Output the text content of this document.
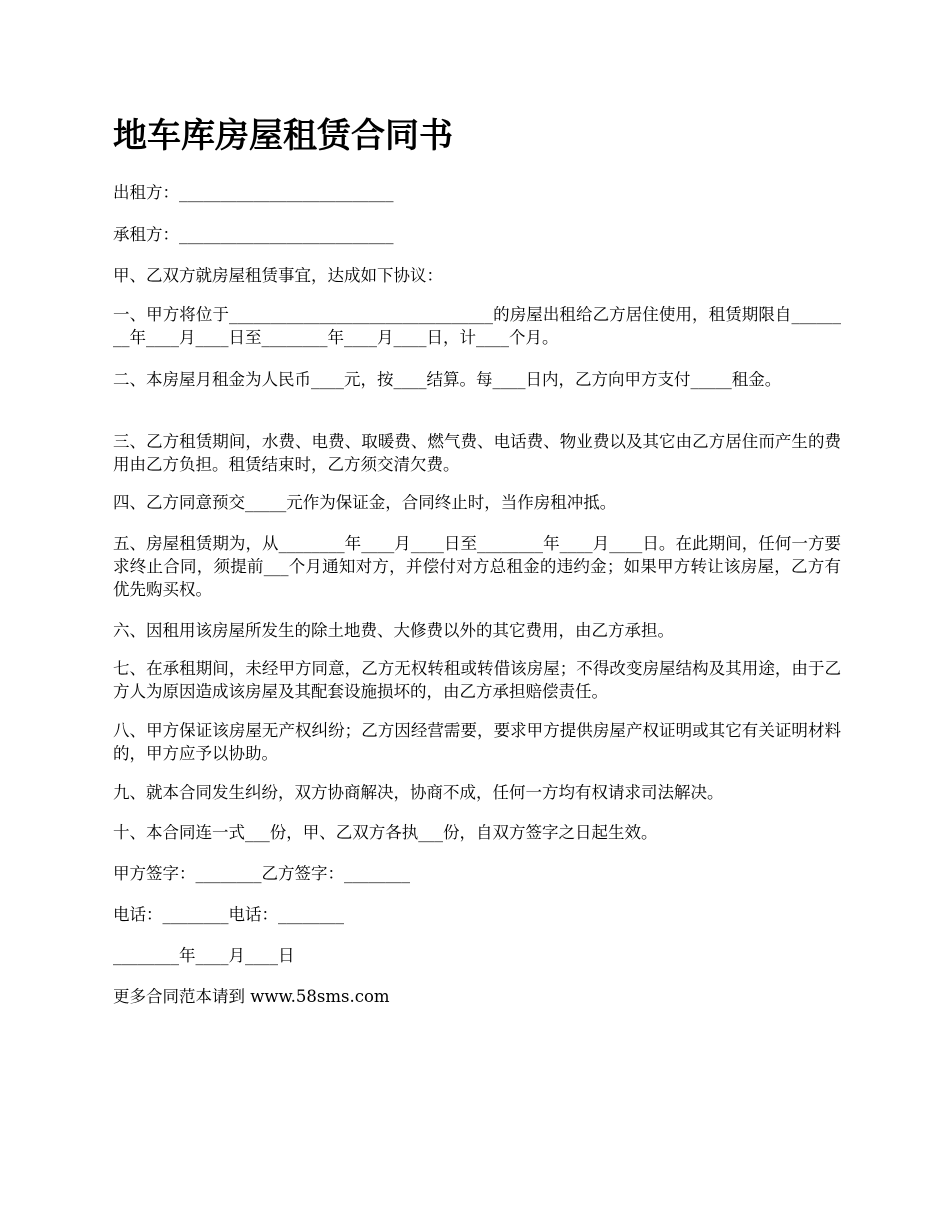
地车库房屋租赁合同书

出租方：__________________________

承租方：__________________________

甲、乙双方就房屋租赁事宜，达成如下协议：

一、甲方将位于________________________________的房屋出租给乙方居住使用，租赁期限自________年____月____日至________年____月____日，计____个月。

二、本房屋月租金为人民币____元，按____结算。每____日内，乙方向甲方支付_____租金。

三、乙方租赁期间，水费、电费、取暖费、燃气费、电话费、物业费以及其它由乙方居住而产生的费用由乙方负担。租赁结束时，乙方须交清欠费。

四、乙方同意预交_____元作为保证金，合同终止时，当作房租冲抵。

五、房屋租赁期为，从________年____月____日至________年____月____日。在此期间，任何一方要求终止合同，须提前___个月通知对方，并偿付对方总租金的违约金；如果甲方转让该房屋，乙方有优先购买权。

六、因租用该房屋所发生的除土地费、大修费以外的其它费用，由乙方承担。

七、在承租期间，未经甲方同意，乙方无权转租或转借该房屋；不得改变房屋结构及其用途，由于乙方人为原因造成该房屋及其配套设施损坏的，由乙方承担赔偿责任。

八、甲方保证该房屋无产权纠纷；乙方因经营需要，要求甲方提供房屋产权证明或其它有关证明材料的，甲方应予以协助。

九、就本合同发生纠纷，双方协商解决，协商不成，任何一方均有权请求司法解决。

十、本合同连一式___份，甲、乙双方各执___份，自双方签字之日起生效。

甲方签字：________乙方签字：________

电话：________电话：________

________年____月____日

更多合同范本请到 www.58sms.com
